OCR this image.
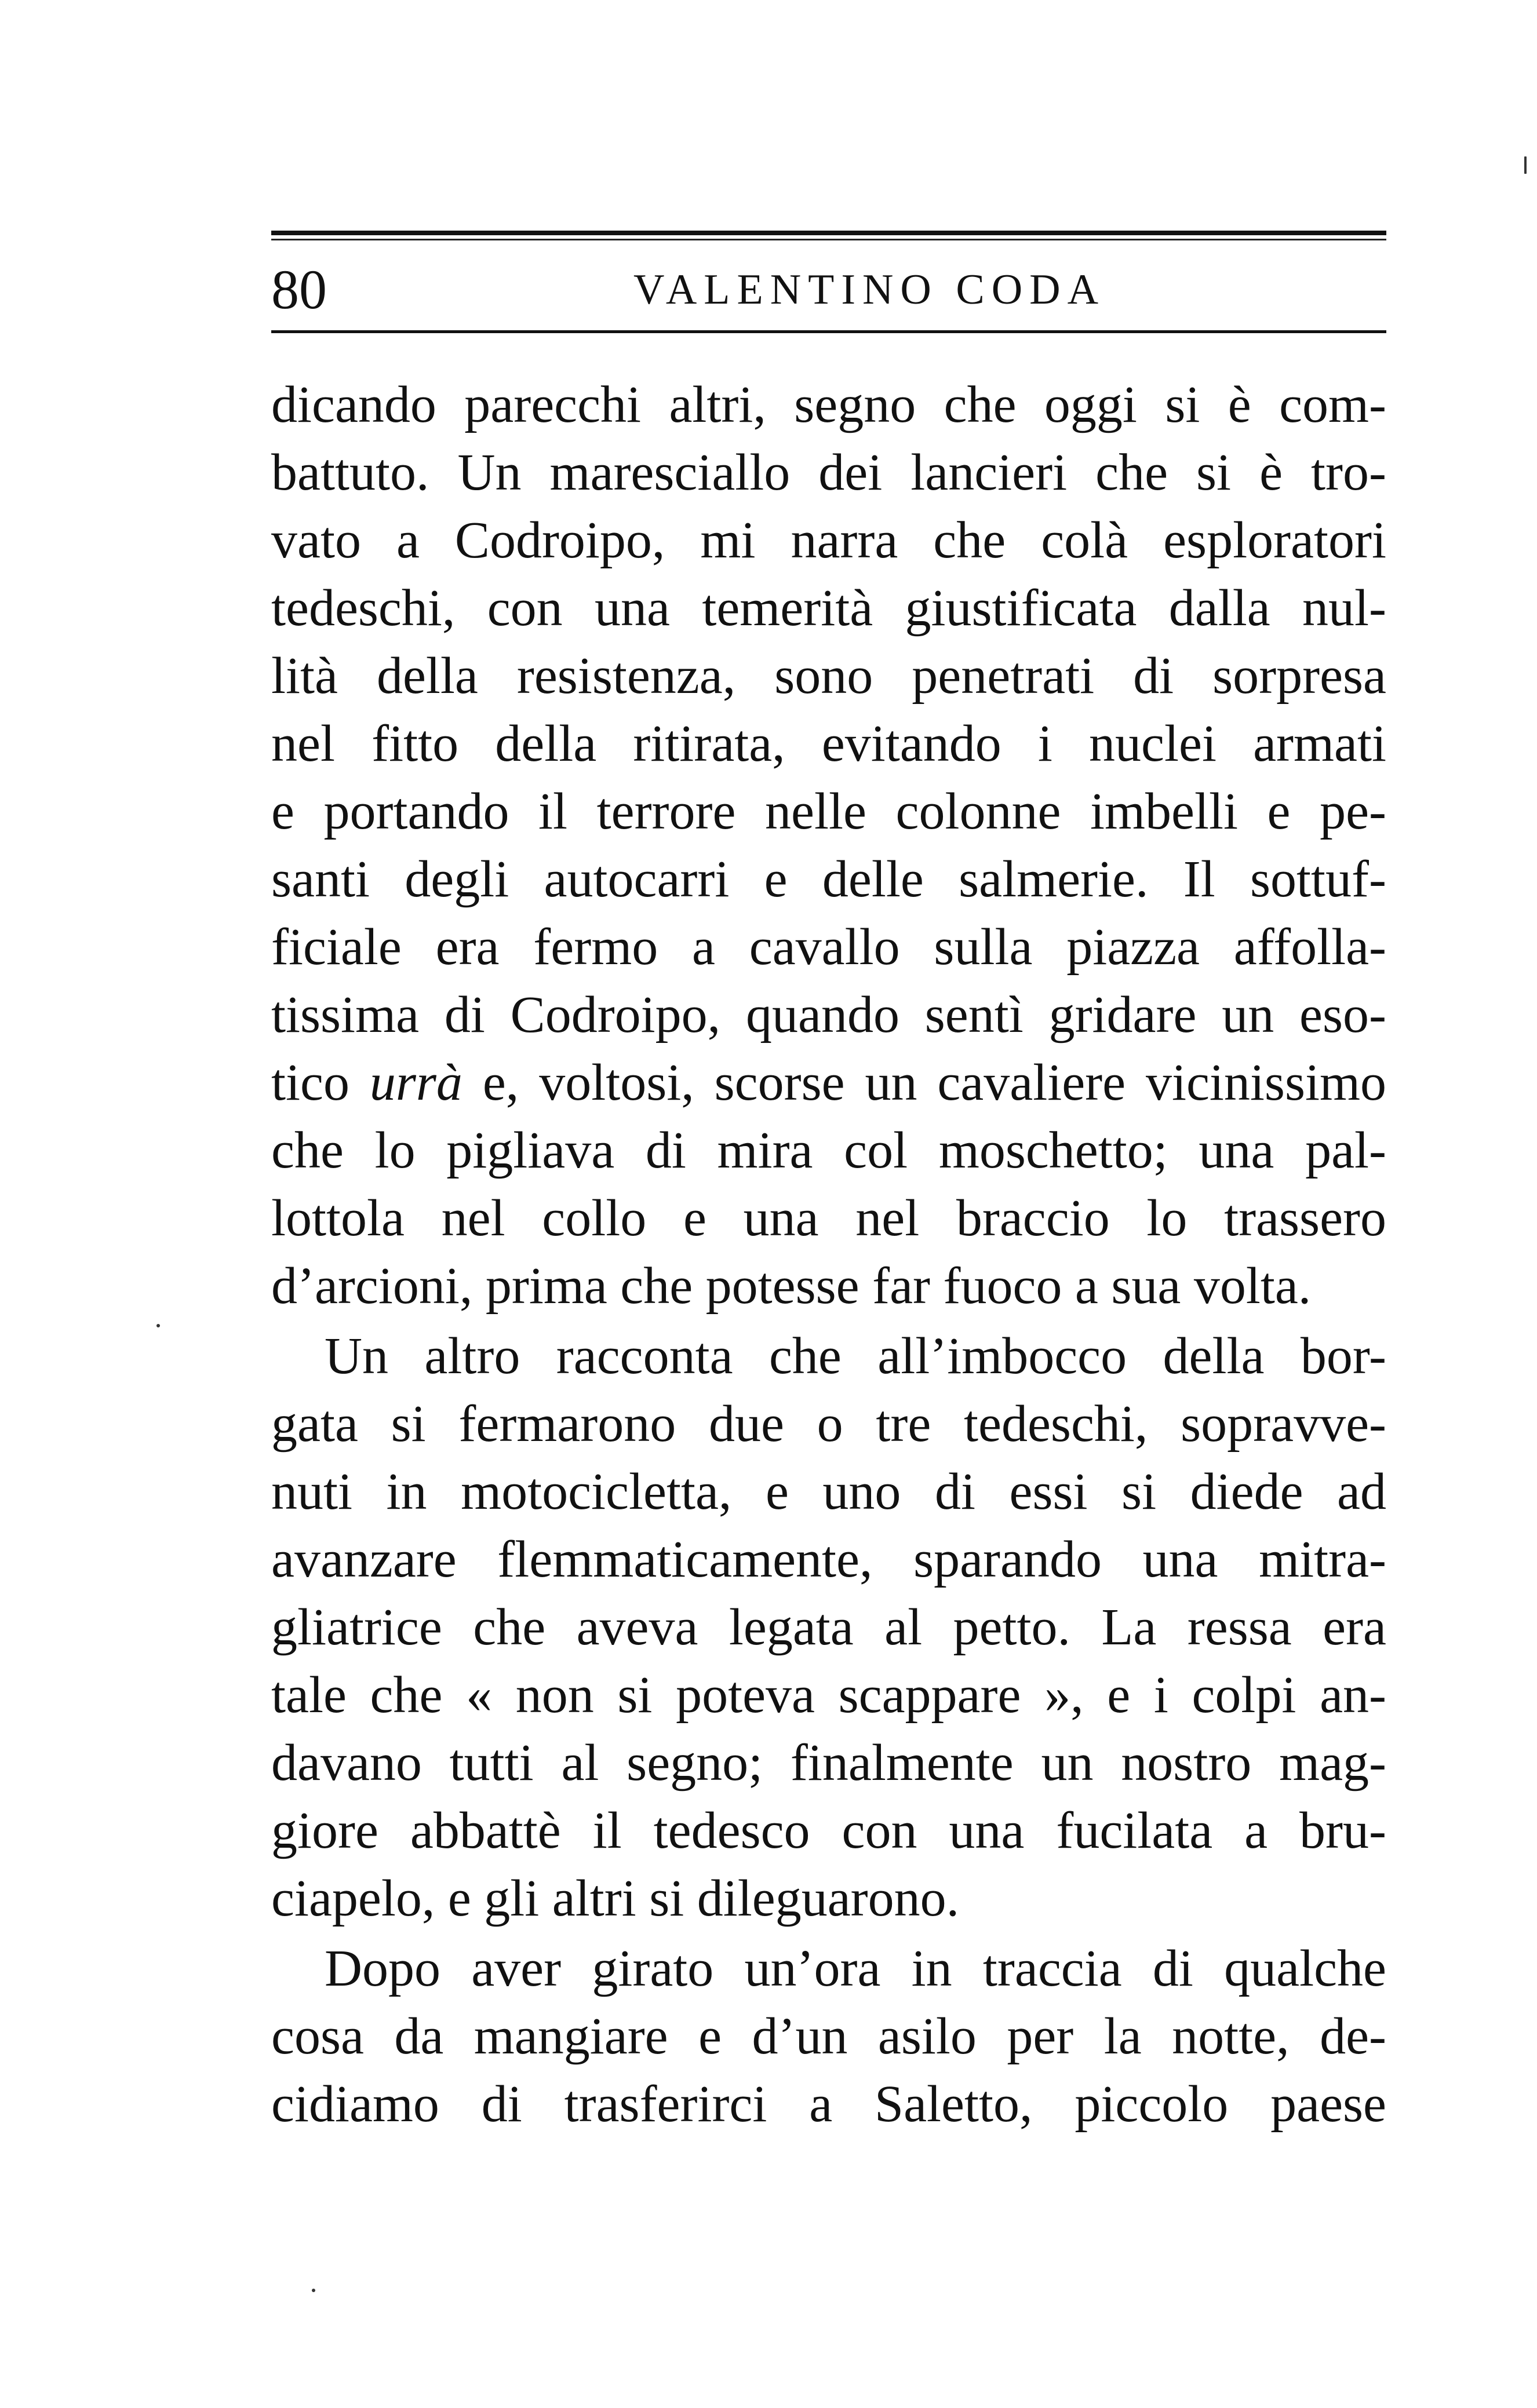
80	VALENTINO CODA
dicando parecchi altri, segno che oggi si è com-
battuto. Un maresciallo dei lancieri che si è tro-
vato a Codroipo, mi narra che colà esploratori
tedeschi, con una temerità giustificata dalla nul-
lità della resistenza, sono penetrati di sorpresa
nel fitto della ritirata, evitando i nuclei armati
e portando il terrore nelle colonne imbelli e pe-
santi degli autocarri e delle salmerie. Il sottuf-
ficiale era fermo a cavallo sulla piazza affolla-
tissima di Codroipo, quando sentì gridare un eso-
tico urrà e, voltosi, scorse un cavaliere vicinissimo
che lo pigliava di mira col moschetto; una pal-
lottola nel collo e una nel braccio lo trassero
d’arcioni, prima che potesse far fuoco a sua volta.
Un altro racconta che all’imbocco della bor-
gata si fermarono due o tre tedeschi, sopravve-
nuti in motocicletta, e uno di essi si diede ad
avanzare flemmaticamente, sparando una mitra-
gliatrice che aveva legata al petto. La ressa era
tale che « non si poteva scappare », e i colpi an-
davano tutti al segno; finalmente un nostro mag-
giore abbattè il tedesco con una fucilata a bru-
ciapelo, e gli altri si dileguarono.
Dopo aver girato un’ora in traccia di qualche
cosa da mangiare e d’un asilo per la notte, de-
cidiamo di trasferirci a Saletto, piccolo paese
